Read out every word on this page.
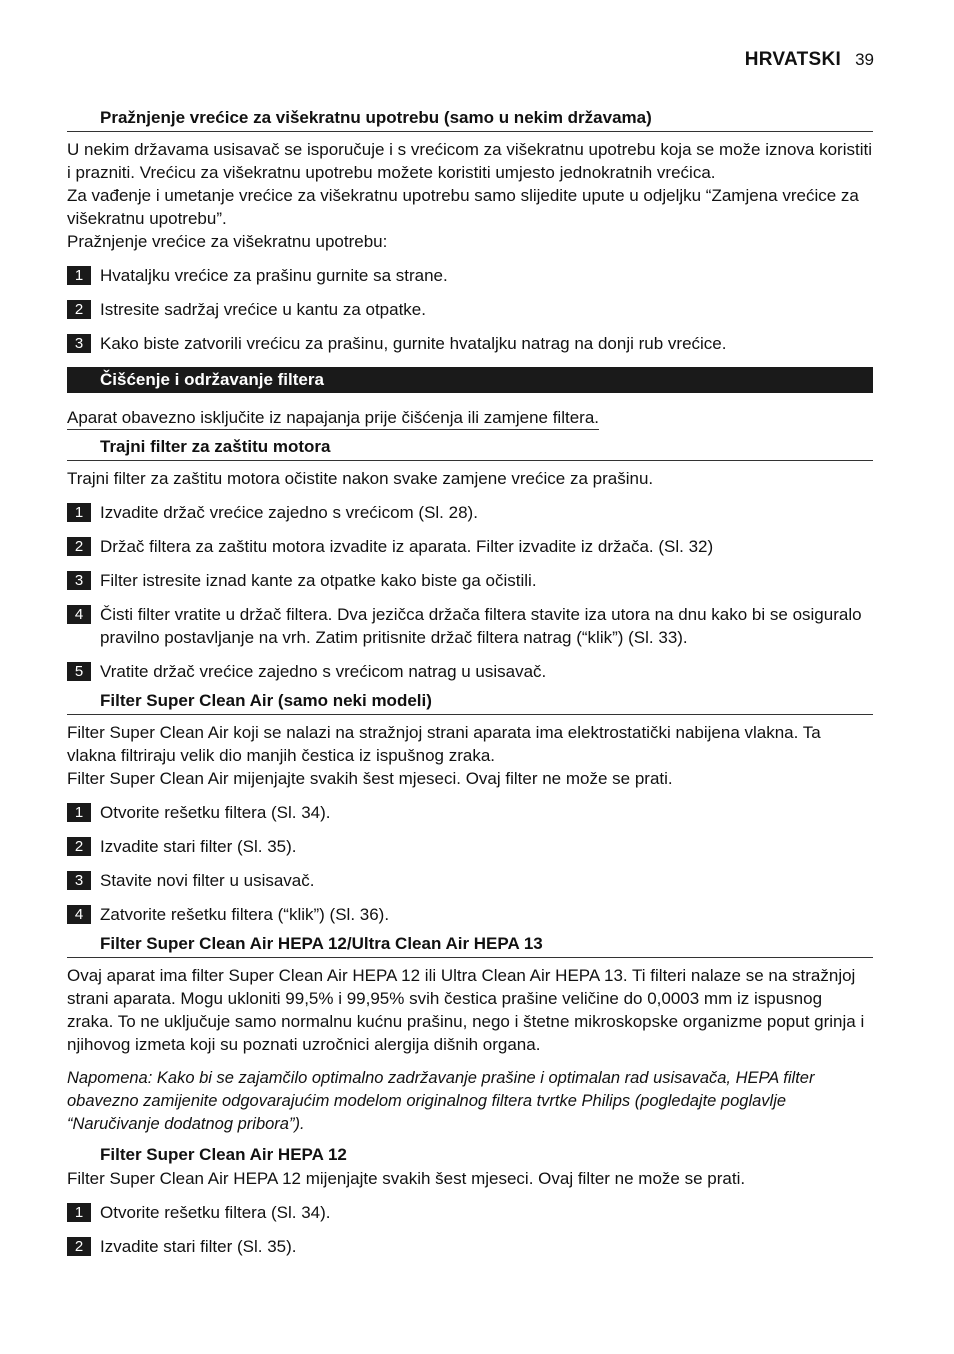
HRVATSKI 39
Pražnjenje vrećice za višekratnu upotrebu (samo u nekim državama)

U nekim državama usisavač se isporučuje i s vrećicom za višekratnu upotrebu koja se može iznova koristiti i prazniti. Vrećicu za višekratnu upotrebu možete koristiti umjesto jednokratnih vrećica.

Za vađenje i umetanje vrećice za višekratnu upotrebu samo slijedite upute u odjeljku “Zamjena vrećice za višekratnu upotrebu”.

Pražnjenje vrećice za višekratnu upotrebu:

1 Hvataljku vrećice za prašinu gurnite sa strane.
2 Istresite sadržaj vrećice u kantu za otpatke.
3 Kako biste zatvorili vrećicu za prašinu, gurnite hvataljku natrag na donji rub vrećice.
Čišćenje i održavanje filtera
Aparat obavezno isključite iz napajanja prije čišćenja ili zamjene filtera.
Trajni filter za zaštitu motora

Trajni filter za zaštitu motora očistite nakon svake zamjene vrećice za prašinu.

1 Izvadite držač vrećice zajedno s vrećicom (Sl. 28).
2 Držač filtera za zaštitu motora izvadite iz aparata. Filter izvadite iz držača. (Sl. 32)
3 Filter istresite iznad kante za otpatke kako biste ga očistili.
4 Čisti filter vratite u držač filtera. Dva jezičca držača filtera stavite iza utora na dnu kako bi se osiguralo pravilno postavljanje na vrh. Zatim pritisnite držač filtera natrag (“klik”) (Sl. 33).
5 Vratite držač vrećice zajedno s vrećicom natrag u usisavač.
Filter Super Clean Air (samo neki modeli)

Filter Super Clean Air koji se nalazi na stražnjoj strani aparata ima elektrostatički nabijena vlakna. Ta vlakna filtriraju velik dio manjih čestica iz ispušnog zraka.

Filter Super Clean Air mijenjajte svakih šest mjeseci. Ovaj filter ne može se prati.

1 Otvorite rešetku filtera (Sl. 34).
2 Izvadite stari filter (Sl. 35).
3 Stavite novi filter u usisavač.
4 Zatvorite rešetku filtera (“klik”) (Sl. 36).
Filter Super Clean Air HEPA 12/Ultra Clean Air HEPA 13

Ovaj aparat ima filter Super Clean Air HEPA 12 ili Ultra Clean Air HEPA 13. Ti filteri nalaze se na stražnjoj strani aparata. Mogu ukloniti 99,5% i 99,95% svih čestica prašine veličine do 0,0003 mm iz ispusnog zraka. To ne uključuje samo normalnu kućnu prašinu, nego i štetne mikroskopske organizme poput grinja i njihovog izmeta koji su poznati uzročnici alergija dišnih organa.

Napomena: Kako bi se zajamčilo optimalno zadržavanje prašine i optimalan rad usisavača, HEPA filter obavezno zamijenite odgovarajućim modelom originalnog filtera tvrtke Philips (pogledajte poglavlje “Naručivanje dodatnog pribora”).

Filter Super Clean Air HEPA 12

Filter Super Clean Air HEPA 12 mijenjajte svakih šest mjeseci. Ovaj filter ne može se prati.

1 Otvorite rešetku filtera (Sl. 34).
2 Izvadite stari filter (Sl. 35).
